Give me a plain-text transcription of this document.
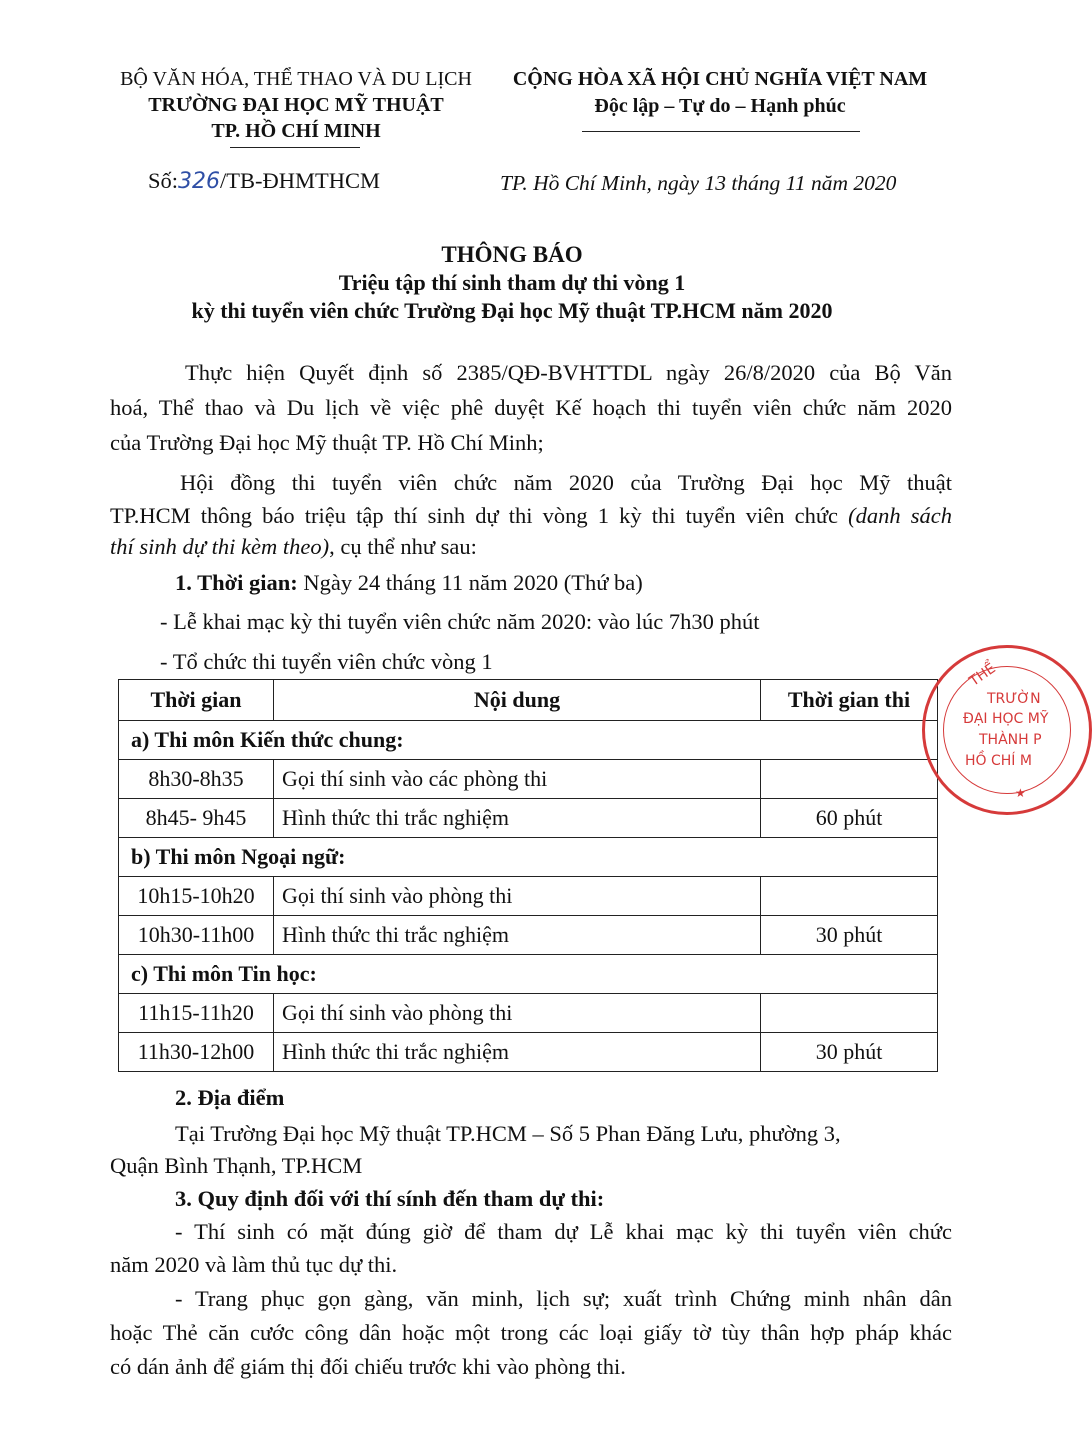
BỘ VĂN HÓA, THỂ THAO VÀ DU LỊCH
TRƯỜNG ĐẠI HỌC MỸ THUẬT
TP. HỒ CHÍ MINH
CỘNG HÒA XÃ HỘI CHỦ NGHĨA VIỆT NAM
Độc lập – Tự do – Hạnh phúc
Số:326/TB-ĐHMTHCM	TP. Hồ Chí Minh, ngày 13 tháng 11 năm 2020
THÔNG BÁO
Triệu tập thí sinh tham dự thi vòng 1
kỳ thi tuyển viên chức Trường Đại học Mỹ thuật TP.HCM năm 2020
Thực hiện Quyết định số 2385/QĐ-BVHTTDL ngày 26/8/2020 của Bộ Văn
hoá, Thể thao và Du lịch về việc phê duyệt Kế hoạch thi tuyển viên chức năm 2020
của Trường Đại học Mỹ thuật TP. Hồ Chí Minh;
Hội đồng thi tuyển viên chức năm 2020 của Trường Đại học Mỹ thuật
TP.HCM thông báo triệu tập thí sinh dự thi vòng 1 kỳ thi tuyển viên chức (danh sách
thí sinh dự thi kèm theo), cụ thể như sau:
1. Thời gian: Ngày 24 tháng 11 năm 2020 (Thứ ba)
- Lễ khai mạc kỳ thi tuyển viên chức năm 2020: vào lúc 7h30 phút
- Tổ chức thi tuyển viên chức vòng 1
Thời gian	Nội dung	Thời gian thi
a) Thi môn Kiến thức chung:		
8h30-8h35	Gọi thí sinh vào các phòng thi	
8h45- 9h45	Hình thức thi trắc nghiệm	60 phút
b) Thi môn Ngoại ngữ:		
10h15-10h20	Gọi thí sinh vào phòng thi	
10h30-11h00	Hình thức thi trắc nghiệm	30 phút
c) Thi môn Tin học:		
11h15-11h20	Gọi thí sinh vào phòng thi	
11h30-12h00	Hình thức thi trắc nghiệm	30 phút
2. Địa điểm
Tại Trường Đại học Mỹ thuật TP.HCM – Số 5 Phan Đăng Lưu, phường 3,
Quận Bình Thạnh, TP.HCM
3. Quy định đối với thí sính đến tham dự thi:
- Thí sinh có mặt đúng giờ để tham dự Lễ khai mạc kỳ thi tuyển viên chức
năm 2020 và làm thủ tục dự thi.
- Trang phục gọn gàng, văn minh, lịch sự; xuất trình Chứng minh nhân dân
hoặc Thẻ căn cước công dân hoặc một trong các loại giấy tờ tùy thân hợp pháp khác
có dán ảnh để giám thị đối chiếu trước khi vào phòng thi.
THỂ
TRƯỜN
ĐẠI HỌC MỸ
THÀNH P
HỒ CHÍ M
★
